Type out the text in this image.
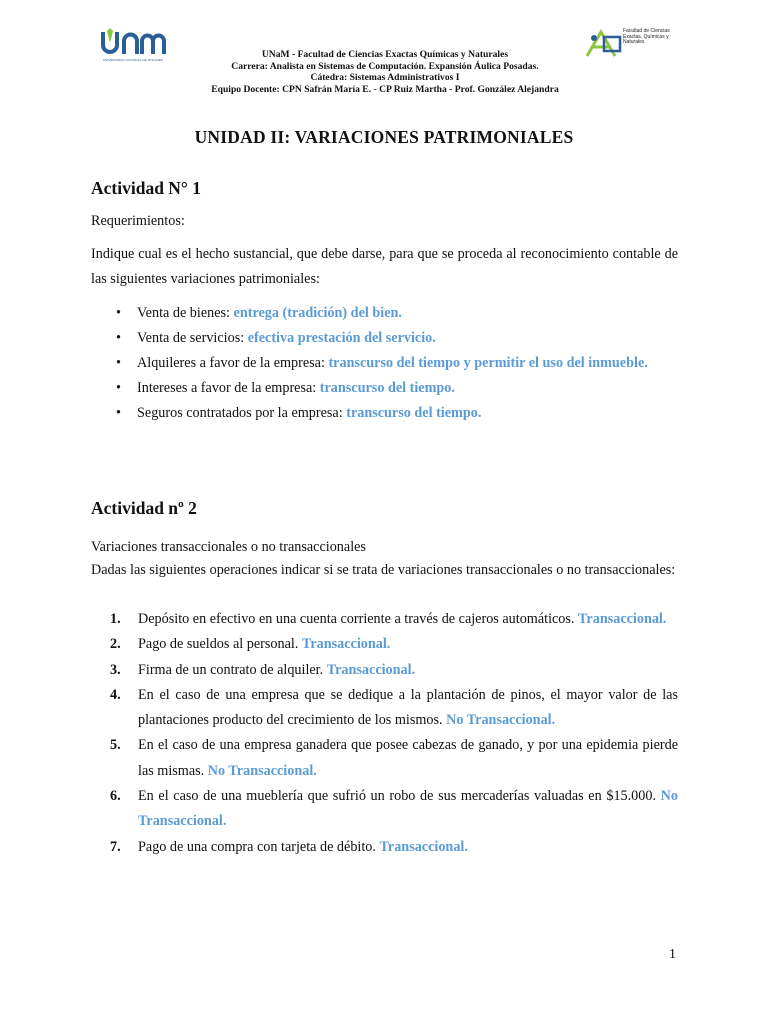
UNIVERSIDAD NACIONAL DE MISIONES
Facultad de Ciencias Exactas, Químicas y Naturales
UNaM - Facultad de Ciencias Exactas Químicas y Naturales
Carrera: Analista en Sistemas de Computación. Expansión Áulica Posadas.
Cátedra: Sistemas Administrativos I
Equipo Docente: CPN Safrán María E. - CP Ruiz Martha - Prof. González Alejandra
UNIDAD II: VARIACIONES PATRIMONIALES
Actividad N° 1

Requerimientos:

Indique cual es el hecho sustancial, que debe darse, para que se proceda al reconocimiento contable de las siguientes variaciones patrimoniales:

• Venta de bienes: entrega (tradición) del bien.
• Venta de servicios: efectiva prestación del servicio.
• Alquileres a favor de la empresa: transcurso del tiempo y permitir el uso del inmueble.
• Intereses a favor de la empresa: transcurso del tiempo.
• Seguros contratados por la empresa: transcurso del tiempo.
Actividad nº 2

Variaciones transaccionales o no transaccionales

Dadas las siguientes operaciones indicar si se trata de variaciones transaccionales o no transaccionales:

1. Depósito en efectivo en una cuenta corriente a través de cajeros automáticos. Transaccional.
2. Pago de sueldos al personal. Transaccional.
3. Firma de un contrato de alquiler. Transaccional.
4. En el caso de una empresa que se dedique a la plantación de pinos, el mayor valor de las plantaciones producto del crecimiento de los mismos. No Transaccional.
5. En el caso de una empresa ganadera que posee cabezas de ganado, y por una epidemia pierde las mismas. No Transaccional.
6. En el caso de una mueblería que sufrió un robo de sus mercaderías valuadas en $15.000. No Transaccional.
7. Pago de una compra con tarjeta de débito. Transaccional.
1
